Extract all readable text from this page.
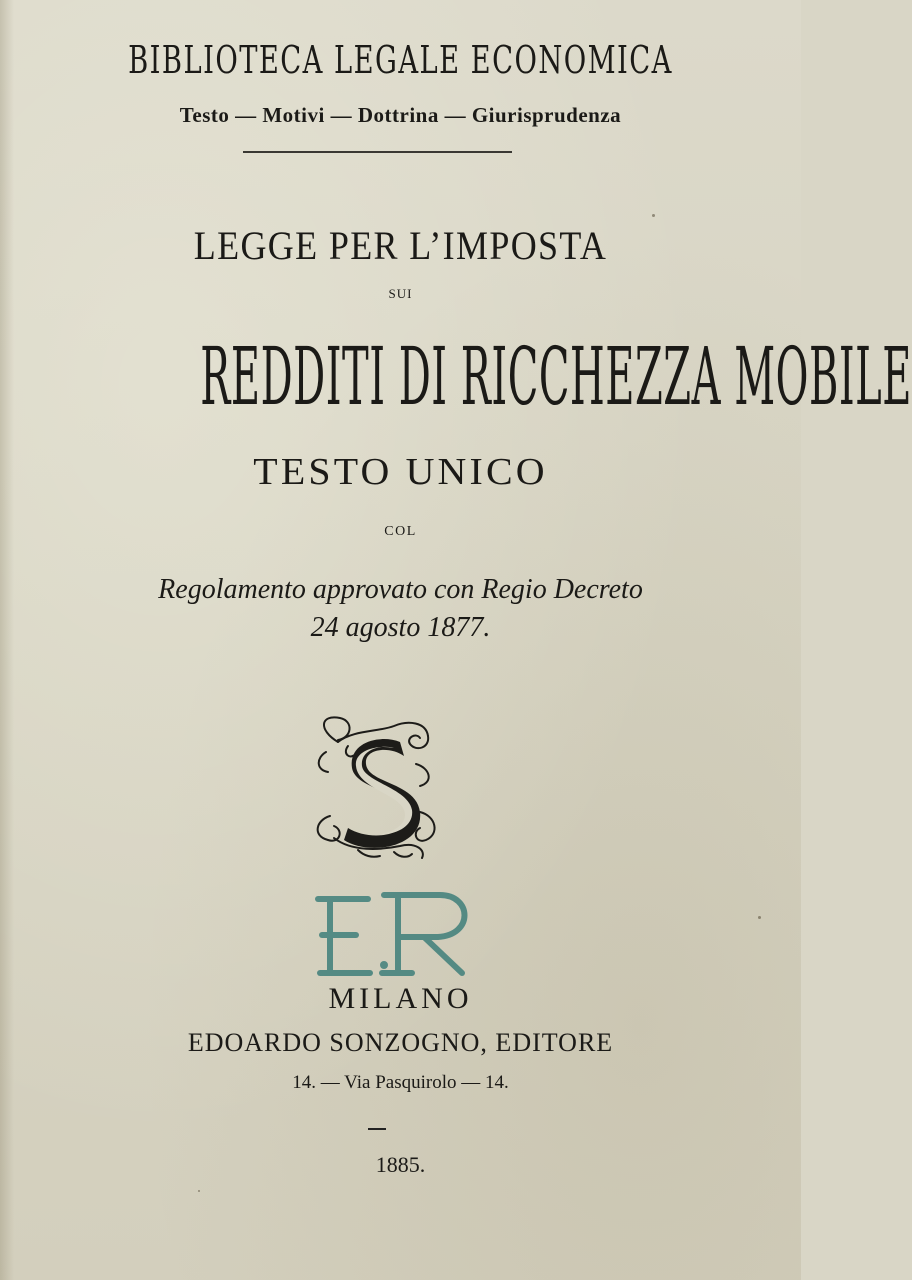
BIBLIOTECA LEGALE ECONOMICA
Testo — Motivi — Dottrina — Giurisprudenza
LEGGE PER L’IMPOSTA
SUI
REDDITI DI RICCHEZZA MOBILE
TESTO UNICO
COL
Regolamento approvato con Regio Decreto
24 agosto 1877.
MILANO
EDOARDO SONZOGNO, EDITORE
14. — Via Pasquirolo — 14.
1885.
